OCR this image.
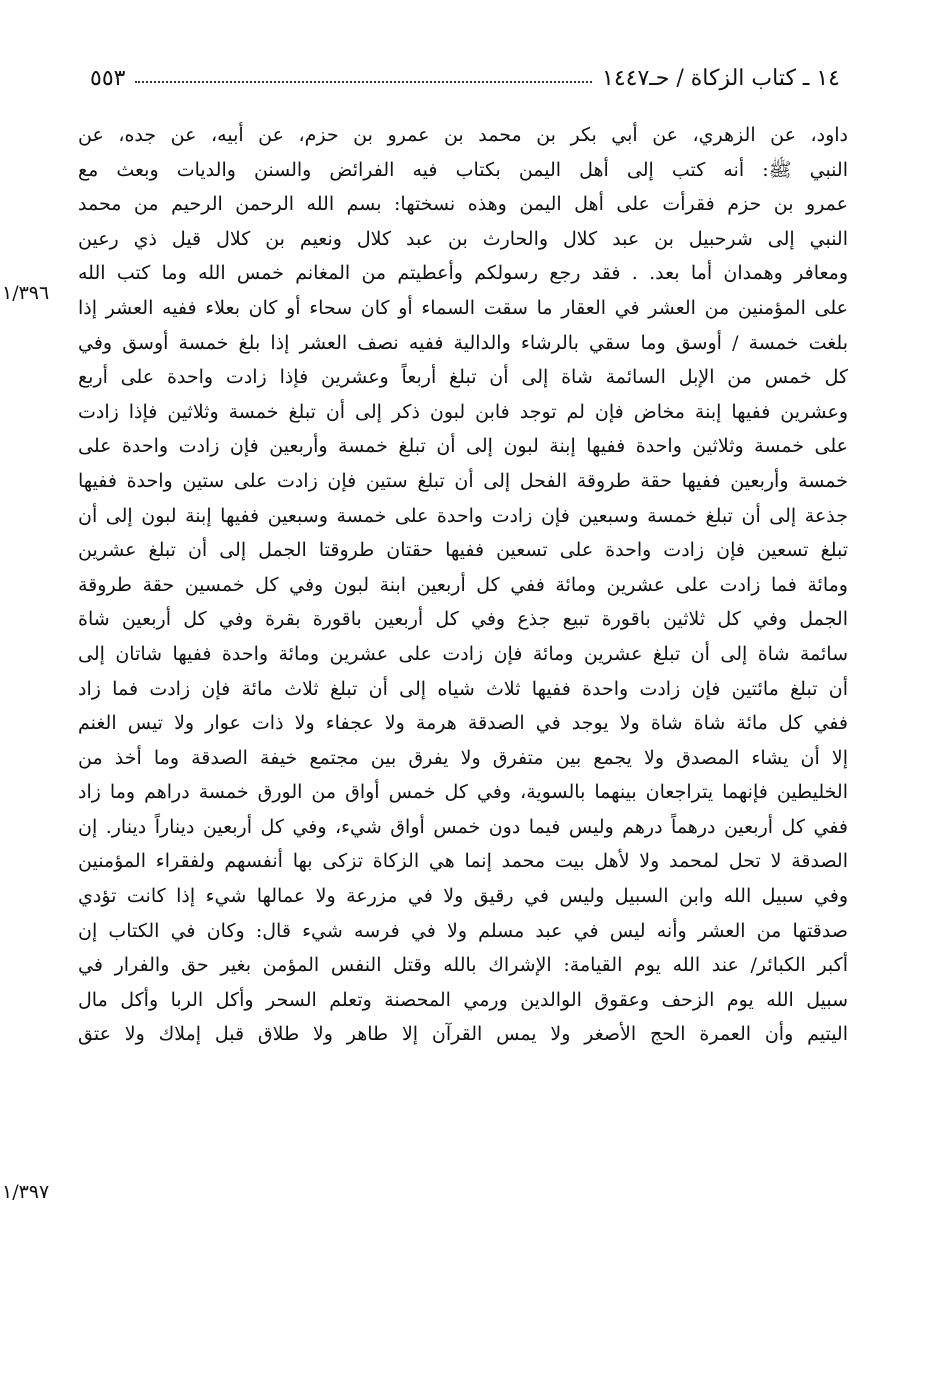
١٤ ـ كتاب الزكاة / حـ١٤٤٧
٥٥٣
١/٣٩٦
١/٣٩٧
داود، عن الزهري، عن أبي بكر بن محمد بن عمرو بن حزم، عن أبيه، عن جده، عن
النبي ﷺ: أنه كتب إلى أهل اليمن بكتاب فيه الفرائض والسنن والديات وبعث مع
عمرو بن حزم فقرأت على أهل اليمن وهذه نسختها: بسم الله الرحمن الرحيم من محمد
النبي إلى شرحبيل بن عبد كلال والحارث بن عبد كلال ونعيم بن كلال قيل ذي رعين
ومعافر وهمدان أما بعد. . فقد رجع رسولكم وأعطيتم من المغانم خمس الله وما كتب الله
على المؤمنين من العشر في العقار ما سقت السماء أو كان سحاء أو كان بعلاء ففيه العشر إذا
بلغت خمسة / أوسق وما سقي بالرشاء والدالية ففيه نصف العشر إذا بلغ خمسة أوسق وفي
كل خمس من الإبل السائمة شاة إلى أن تبلغ أربعاً وعشرين فإذا زادت واحدة على أربع
وعشرين ففيها إبنة مخاض فإن لم توجد فابن لبون ذكر إلى أن تبلغ خمسة وثلاثين فإذا زادت
على خمسة وثلاثين واحدة ففيها إبنة لبون إلى أن تبلغ خمسة وأربعين فإن زادت واحدة على
خمسة وأربعين ففيها حقة طروقة الفحل إلى أن تبلغ ستين فإن زادت على ستين واحدة ففيها
جذعة إلى أن تبلغ خمسة وسبعين فإن زادت واحدة على خمسة وسبعين ففيها إبنة لبون إلى أن
تبلغ تسعين فإن زادت واحدة على تسعين ففيها حقتان طروقتا الجمل إلى أن تبلغ عشرين
ومائة فما زادت على عشرين ومائة ففي كل أربعين ابنة لبون وفي كل خمسين حقة طروقة
الجمل وفي كل ثلاثين باقورة تبيع جذع وفي كل أربعين باقورة بقرة وفي كل أربعين شاة
سائمة شاة إلى أن تبلغ عشرين ومائة فإن زادت على عشرين ومائة واحدة ففيها شاتان إلى
أن تبلغ مائتين فإن زادت واحدة ففيها ثلاث شياه إلى أن تبلغ ثلاث مائة فإن زادت فما زاد
ففي كل مائة شاة شاة ولا يوجد في الصدقة هرمة ولا عجفاء ولا ذات عوار ولا تيس الغنم
إلا أن يشاء المصدق ولا يجمع بين متفرق ولا يفرق بين مجتمع خيفة الصدقة وما أخذ من
الخليطين فإنهما يتراجعان بينهما بالسوية، وفي كل خمس أواق من الورق خمسة دراهم وما زاد
ففي كل أربعين درهماً درهم وليس فيما دون خمس أواق شيء، وفي كل أربعين ديناراً دينار. إن
الصدقة لا تحل لمحمد ولا لأهل بيت محمد إنما هي الزكاة تزكى بها أنفسهم ولفقراء المؤمنين
وفي سبيل الله وابن السبيل وليس في رقيق ولا في مزرعة ولا عمالها شيء إذا كانت تؤدي
صدقتها من العشر وأنه ليس في عبد مسلم ولا في فرسه شيء قال: وكان في الكتاب إن
أكبر الكبائر/ عند الله يوم القيامة: الإشراك بالله وقتل النفس المؤمن بغير حق والفرار في
سبيل الله يوم الزحف وعقوق الوالدين ورمي المحصنة وتعلم السحر وأكل الربا وأكل مال
اليتيم وأن العمرة الحج الأصغر ولا يمس القرآن إلا طاهر ولا طلاق قبل إملاك ولا عتق
